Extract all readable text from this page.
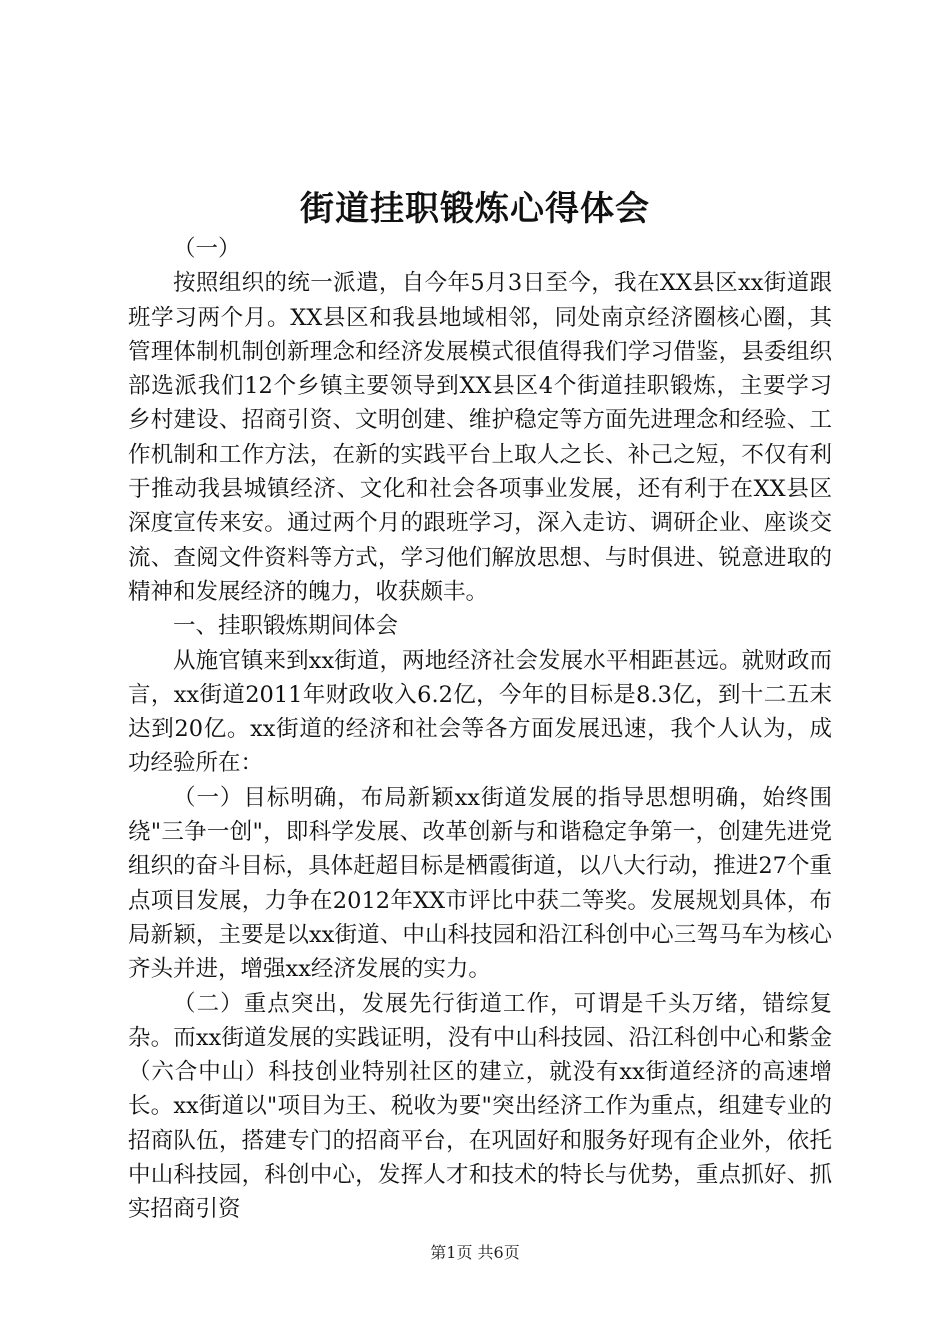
街道挂职锻炼心得体会

（一）

按照组织的统一派遣，自今年5月3日至今，我在XX县区xx街道跟班学习两个月。XX县区和我县地域相邻，同处南京经济圈核心圈，其管理体制机制创新理念和经济发展模式很值得我们学习借鉴，县委组织部选派我们12个乡镇主要领导到XX县区4个街道挂职锻炼，主要学习乡村建设、招商引资、文明创建、维护稳定等方面先进理念和经验、工作机制和工作方法，在新的实践平台上取人之长、补己之短，不仅有利于推动我县城镇经济、文化和社会各项事业发展，还有利于在XX县区深度宣传来安。通过两个月的跟班学习，深入走访、调研企业、座谈交流、查阅文件资料等方式，学习他们解放思想、与时俱进、锐意进取的精神和发展经济的魄力，收获颇丰。

一、挂职锻炼期间体会

从施官镇来到xx街道，两地经济社会发展水平相距甚远。就财政而言，xx街道2011年财政收入6.2亿，今年的目标是8.3亿，到十二五末达到20亿。xx街道的经济和社会等各方面发展迅速，我个人认为，成功经验所在：

（一）目标明确，布局新颖xx街道发展的指导思想明确，始终围绕"三争一创"，即科学发展、改革创新与和谐稳定争第一，创建先进党组织的奋斗目标，具体赶超目标是栖霞街道，以八大行动，推进27个重点项目发展，力争在2012年XX市评比中获二等奖。发展规划具体，布局新颖，主要是以xx街道、中山科技园和沿江科创中心三驾马车为核心齐头并进，增强xx经济发展的实力。

（二）重点突出，发展先行街道工作，可谓是千头万绪，错综复杂。而xx街道发展的实践证明，没有中山科技园、沿江科创中心和紫金（六合中山）科技创业特别社区的建立，就没有xx街道经济的高速增长。xx街道以"项目为王、税收为要"突出经济工作为重点，组建专业的招商队伍，搭建专门的招商平台，在巩固好和服务好现有企业外，依托中山科技园，科创中心，发挥人才和技术的特长与优势，重点抓好、抓实招商引资

第1页 共6页
